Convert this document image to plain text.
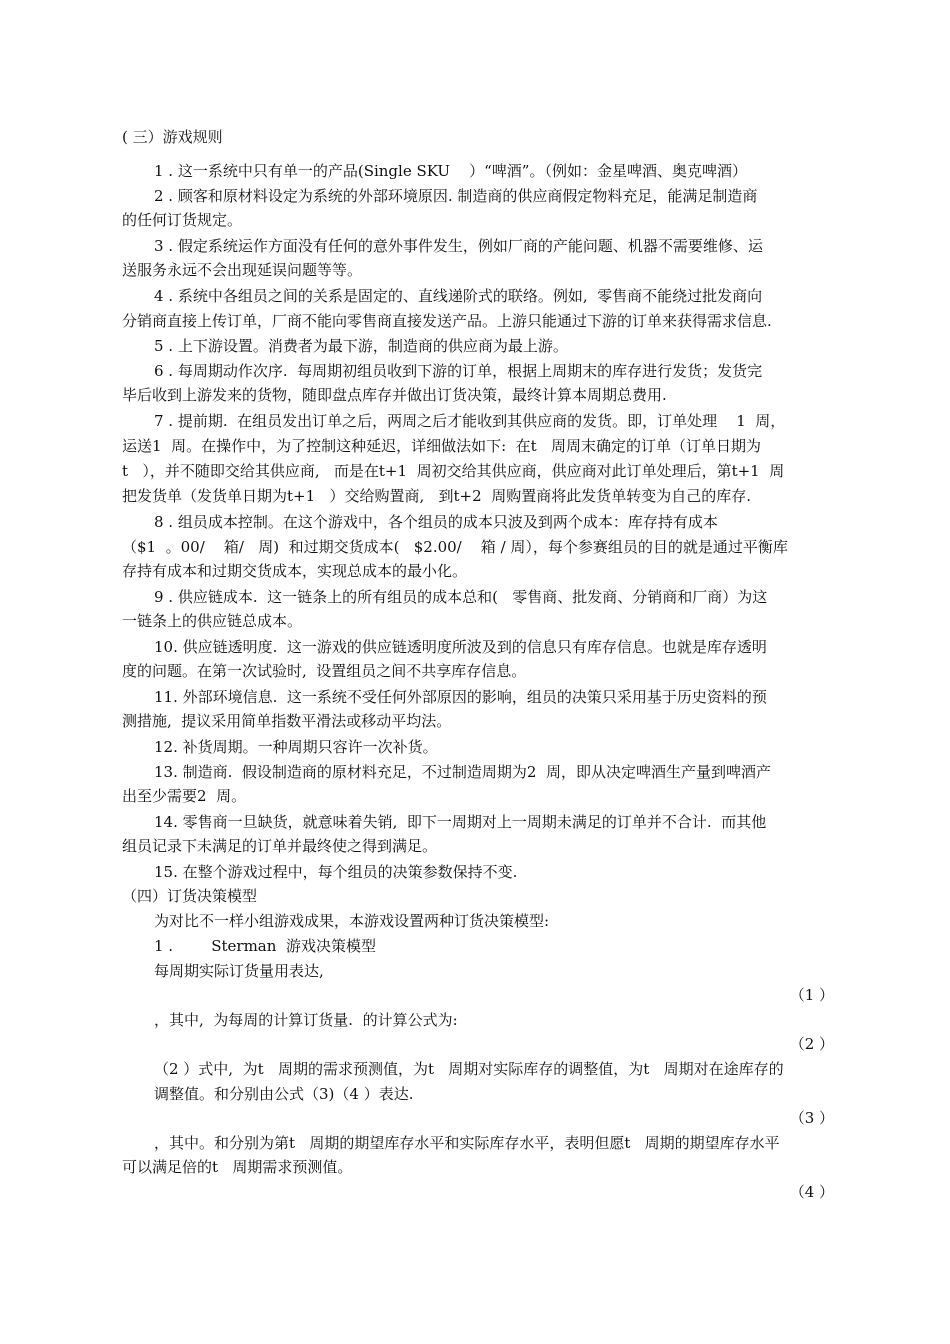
( 三）游戏规则
1 . 这一系统中只有单一的产品(Single SKU    ）“啤酒”。（例如：金星啤酒、奥克啤酒）
2 . 顾客和原材料设定为系统的外部环境原因. 制造商的供应商假定物料充足，能满足制造商
的任何订货规定。
3 . 假定系统运作方面没有任何的意外事件发生，例如厂商的产能问题、机器不需要维修、运
送服务永远不会出现延误问题等等。
4 . 系统中各组员之间的关系是固定的、直线递阶式的联络。例如,  零售商不能绕过批发商向
分销商直接上传订单，厂商不能向零售商直接发送产品。上游只能通过下游的订单来获得需求信息.
5 . 上下游设置。消费者为最下游，制造商的供应商为最上游。
6 . 每周期动作次序.  每周期初组员收到下游的订单，根据上周期末的库存进行发货；发货完
毕后收到上游发来的货物，随即盘点库存并做出订货决策，最终计算本周期总费用.
7 . 提前期.  在组员发出订单之后，两周之后才能收到其供应商的发货。即，订单处理    1  周，
运送1  周。在操作中，为了控制这种延迟，详细做法如下:  在t   周周末确定的订单（订单日期为
t   ），并不随即交给其供应商,   而是在t+1  周初交给其供应商，供应商对此订单处理后，第t+1  周
把发货单（发货单日期为t+1   ）交给购置商,   到t+2  周购置商将此发货单转变为自己的库存.
8 . 组员成本控制。在这个游戏中，各个组员的成本只波及到两个成本：库存持有成本
（$1  。00/    箱/   周)  和过期交货成本(   $2.00/    箱 / 周），每个参赛组员的目的就是通过平衡库
存持有成本和过期交货成本，实现总成本的最小化。
9 . 供应链成本.  这一链条上的所有组员的成本总和(   零售商、批发商、分销商和厂商）为这
一链条上的供应链总成本。
10. 供应链透明度.  这一游戏的供应链透明度所波及到的信息只有库存信息。也就是库存透明
度的问题。在第一次试验时,  设置组员之间不共享库存信息。
11. 外部环境信息.  这一系统不受任何外部原因的影响，组员的决策只采用基于历史资料的预
测措施,  提议采用简单指数平滑法或移动平均法。
12. 补货周期。一种周期只容许一次补货。
13. 制造商.  假设制造商的原材料充足，不过制造周期为2  周，即从决定啤酒生产量到啤酒产
出至少需要2  周。
14. 零售商一旦缺货，就意味着失销,  即下一周期对上一周期未满足的订单并不合计.  而其他
组员记录下未满足的订单并最终使之得到满足。
15. 在整个游戏过程中，每个组员的决策参数保持不变.
（四）订货决策模型
为对比不一样小组游戏成果，本游戏设置两种订货决策模型:
1 .        Sterman  游戏决策模型
每周期实际订货量用表达,
（1 ）
，其中,  为每周的计算订货量.  的计算公式为:
（2 ）
（2 ）式中,  为t   周期的需求预测值，为t   周期对实际库存的调整值，为t   周期对在途库存的
调整值。和分别由公式（3)（4 ）表达.
（3 ）
，其中。和分别为第t   周期的期望库存水平和实际库存水平，表明但愿t   周期的期望库存水平
可以满足倍的t   周期需求预测值。
（4 ）
